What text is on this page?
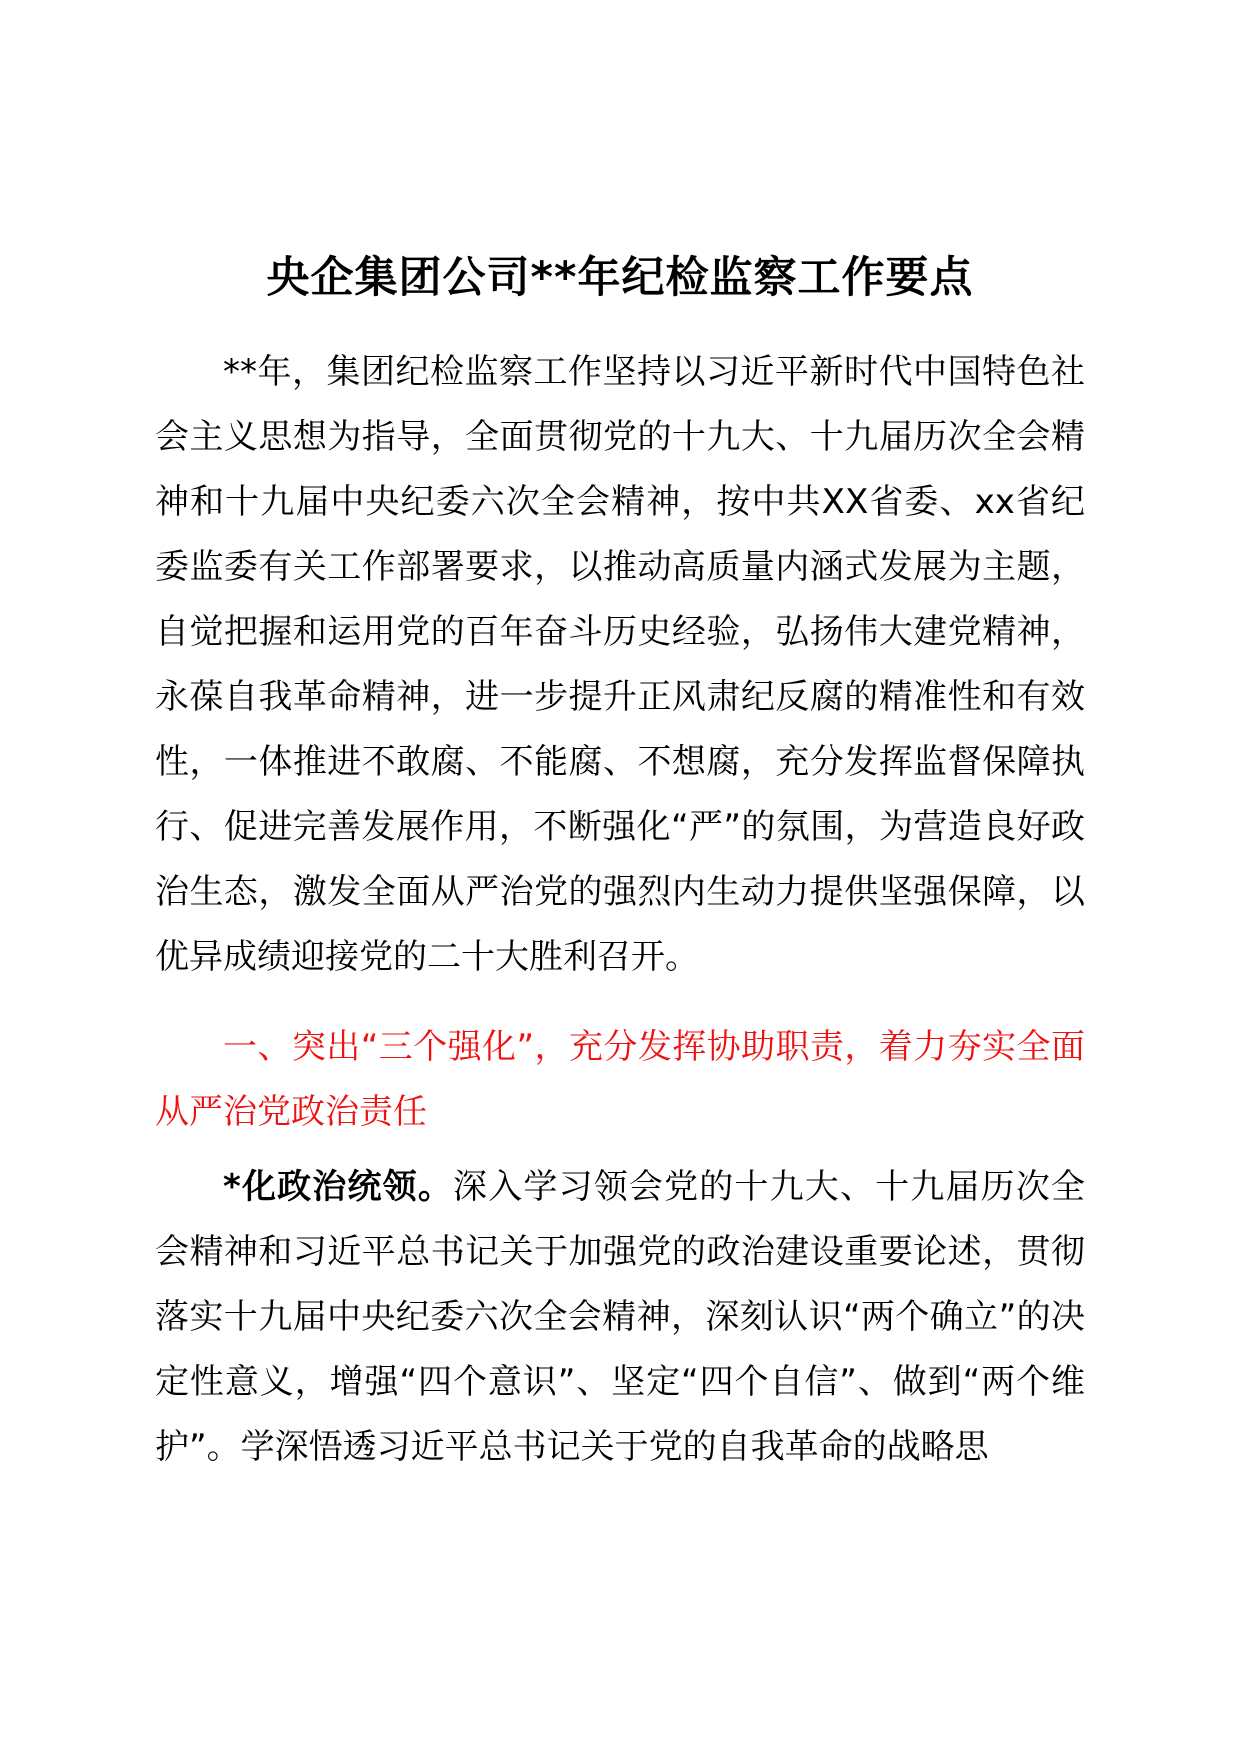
央企集团公司**年纪检监察工作要点

**年，集团纪检监察工作坚持以习近平新时代中国特色社会主义思想为指导，全面贯彻党的十九大、十九届历次全会精神和十九届中央纪委六次全会精神，按中共XX省委、xx省纪委监委有关工作部署要求，以推动高质量内涵式发展为主题，自觉把握和运用党的百年奋斗历史经验，弘扬伟大建党精神，永葆自我革命精神，进一步提升正风肃纪反腐的精准性和有效性，一体推进不敢腐、不能腐、不想腐，充分发挥监督保障执行、促进完善发展作用，不断强化“严”的氛围，为营造良好政治生态，激发全面从严治党的强烈内生动力提供坚强保障，以优异成绩迎接党的二十大胜利召开。

一、突出“三个强化”，充分发挥协助职责，着力夯实全面从严治党政治责任

*化政治统领。深入学习领会党的十九大、十九届历次全会精神和习近平总书记关于加强党的政治建设重要论述，贯彻落实十九届中央纪委六次全会精神，深刻认识“两个确立”的决定性意义，增强“四个意识”、坚定“四个自信”、做到“两个维护”。学深悟透习近平总书记关于党的自我革命的战略思
